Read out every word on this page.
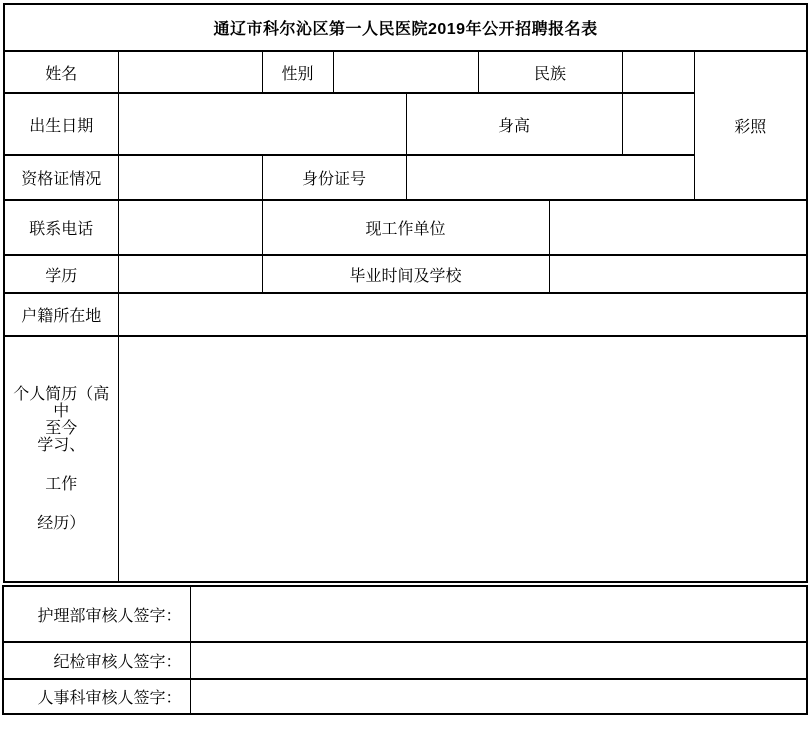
通辽市科尔沁区第一人民医院2019年公开招聘报名表								
姓名		性别			民族			彩照
出生日期				身高				
资格证情况		身份证号						
联系电话		现工作单位						
学历		毕业时间及学校						
户籍所在地								

个人简历（高
中
至今
学习、
工作
经历）

护理部审核人签字：	
纪检审核人签字：	
人事科审核人签字：	
